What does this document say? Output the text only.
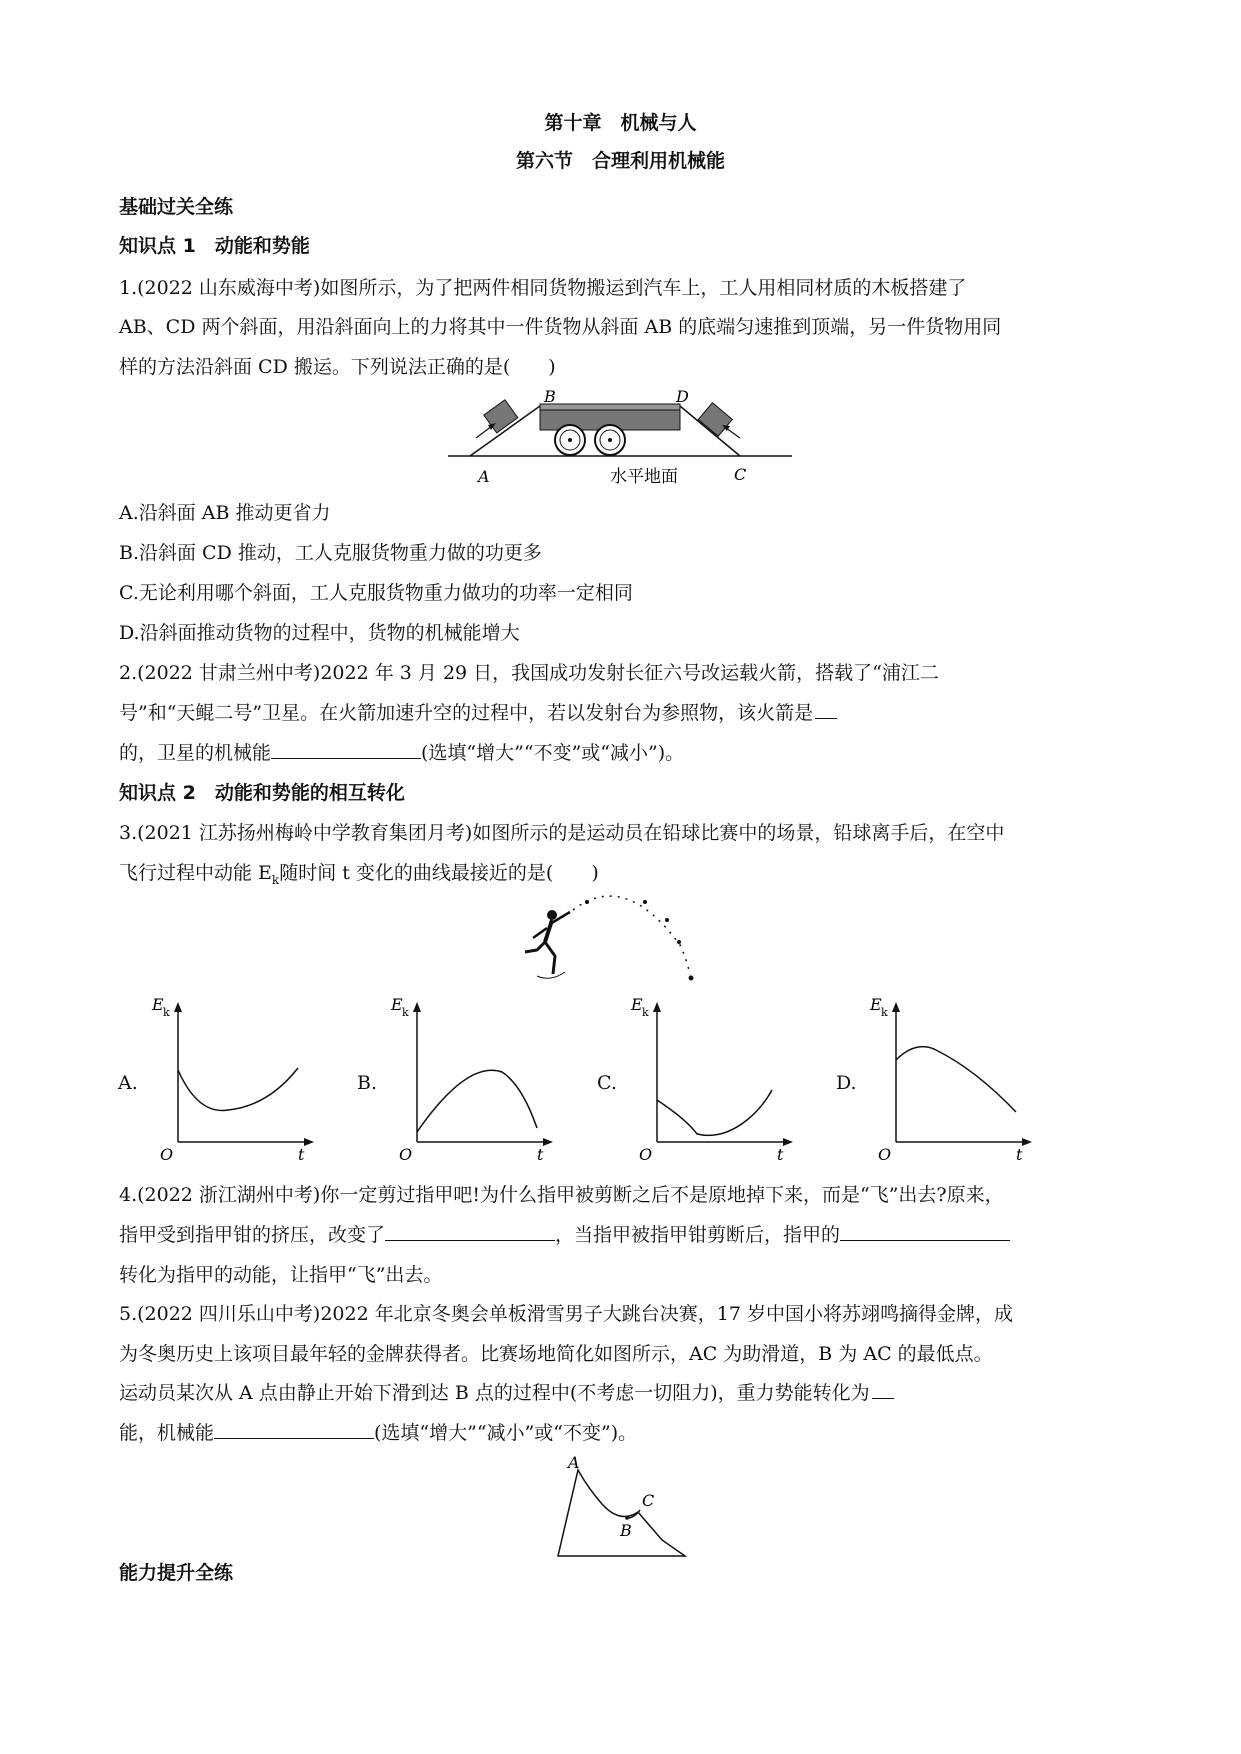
第十章　机械与人
第六节　合理利用机械能
基础过关全练
知识点 1　动能和势能
1.(2022 山东威海中考)如图所示，为了把两件相同货物搬运到汽车上，工人用相同材质的木板搭建了
AB、CD 两个斜面，用沿斜面向上的力将其中一件货物从斜面 AB 的底端匀速推到顶端，另一件货物用同
样的方法沿斜面 CD 搬运。下列说法正确的是(　　)
B	D
A	C
水平地面
A.沿斜面 AB 推动更省力
B.沿斜面 CD 推动，工人克服货物重力做的功更多
C.无论利用哪个斜面，工人克服货物重力做功的功率一定相同
D.沿斜面推动货物的过程中，货物的机械能增大
2.(2022 甘肃兰州中考)2022 年 3 月 29 日，我国成功发射长征六号改运载火箭，搭载了“浦江二
号”和“天鲲二号”卫星。在火箭加速升空的过程中，若以发射台为参照物，该火箭是
的，卫星的机械能	(选填“增大”“不变”或“减小”)。
知识点 2　动能和势能的相互转化
3.(2021 江苏扬州梅岭中学教育集团月考)如图所示的是运动员在铅球比赛中的场景，铅球离手后，在空中
飞行过程中动能 $E_k$随时间 t 变化的曲线最接近的是(　　)
E k
O	t
E k
O	t
E k
O	t
E k
O	t
4.(2022 浙江湖州中考)你一定剪过指甲吧!为什么指甲被剪断之后不是原地掉下来，而是“飞”出去?原来，
指甲受到指甲钳的挤压，改变了	，当指甲被指甲钳剪断后，指甲的
转化为指甲的动能，让指甲“飞”出去。
5.(2022 四川乐山中考)2022 年北京冬奥会单板滑雪男子大跳台决赛，17 岁中国小将苏翊鸣摘得金牌，成
为冬奥历史上该项目最年轻的金牌获得者。比赛场地简化如图所示，AC 为助滑道，B 为 AC 的最低点。
运动员某次从 A 点由静止开始下滑到达 B 点的过程中(不考虑一切阻力)，重力势能转化为
能，机械能	(选填“增大”“减小”或“不变”)。
A
C
B
能力提升全练
A.	B.	C.	D.
